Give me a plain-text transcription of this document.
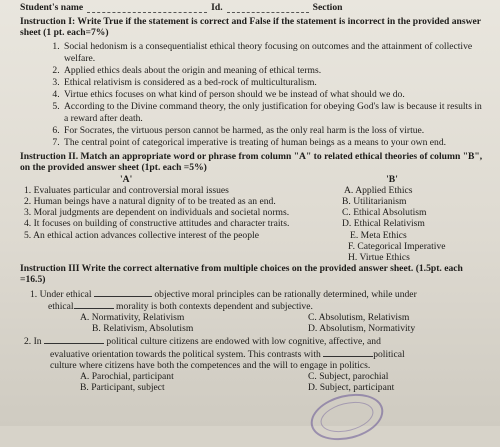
Student's name	Id.	Section
Instruction I: Write True if the statement is correct and False if the statement is incorrect in the provided answer sheet (1 pt. each=7%)
1. Social hedonism is a consequentialist ethical theory focusing on outcomes and the attainment of collective welfare.
2. Applied ethics deals about the origin and meaning of ethical terms.
3. Ethical relativism is considered as a bed-rock of multiculturalism.
4. Virtue ethics focuses on what kind of person should we be instead of what should we do.
5. According to the Divine command theory, the only justification for obeying God's law is because it results in a reward after death.
6. For Socrates, the virtuous person cannot be harmed, as the only real harm is the loss of virtue.
7. The central point of categorical imperative is treating of human beings as a means to your own end.
Instruction II. Match an appropriate word or phrase from column "A" to related ethical theories of column "B", on the provided answer sheet (1pt. each =5%)
'A'
1. Evaluates particular and controversial moral issues
2. Human beings have a natural dignity of to be treated as an end.
3. Moral judgments are dependent on individuals and societal norms.
4. It focuses on building of constructive attitudes and character traits.
5. An ethical action advances collective interest of the people
'B'
A. Applied Ethics
B. Utilitarianism
C. Ethical Absolutism
D. Ethical Relativism
E. Meta Ethics
F. Categorical Imperative
H. Virtue Ethics
Instruction III Write the correct alternative from multiple choices on the provided answer sheet. (1.5pt. each =16.5)
1. Under ethical	objective moral principles can be rationally determined, while under
ethical	morality is both contexts dependent and subjective.
A. Normativity, Relativism	C. Absolutism, Relativism
B. Relativism, Absolutism	D. Absolutism, Normativity
2. In	political culture citizens are endowed with low cognitive, affective, and
evaluative orientation towards the political system. This contrasts with	political
culture where citizens have both the competences and the will to engage in politics.
A. Parochial, participant	C. Subject, parochial
B. Participant, subject	D. Subject, participant
